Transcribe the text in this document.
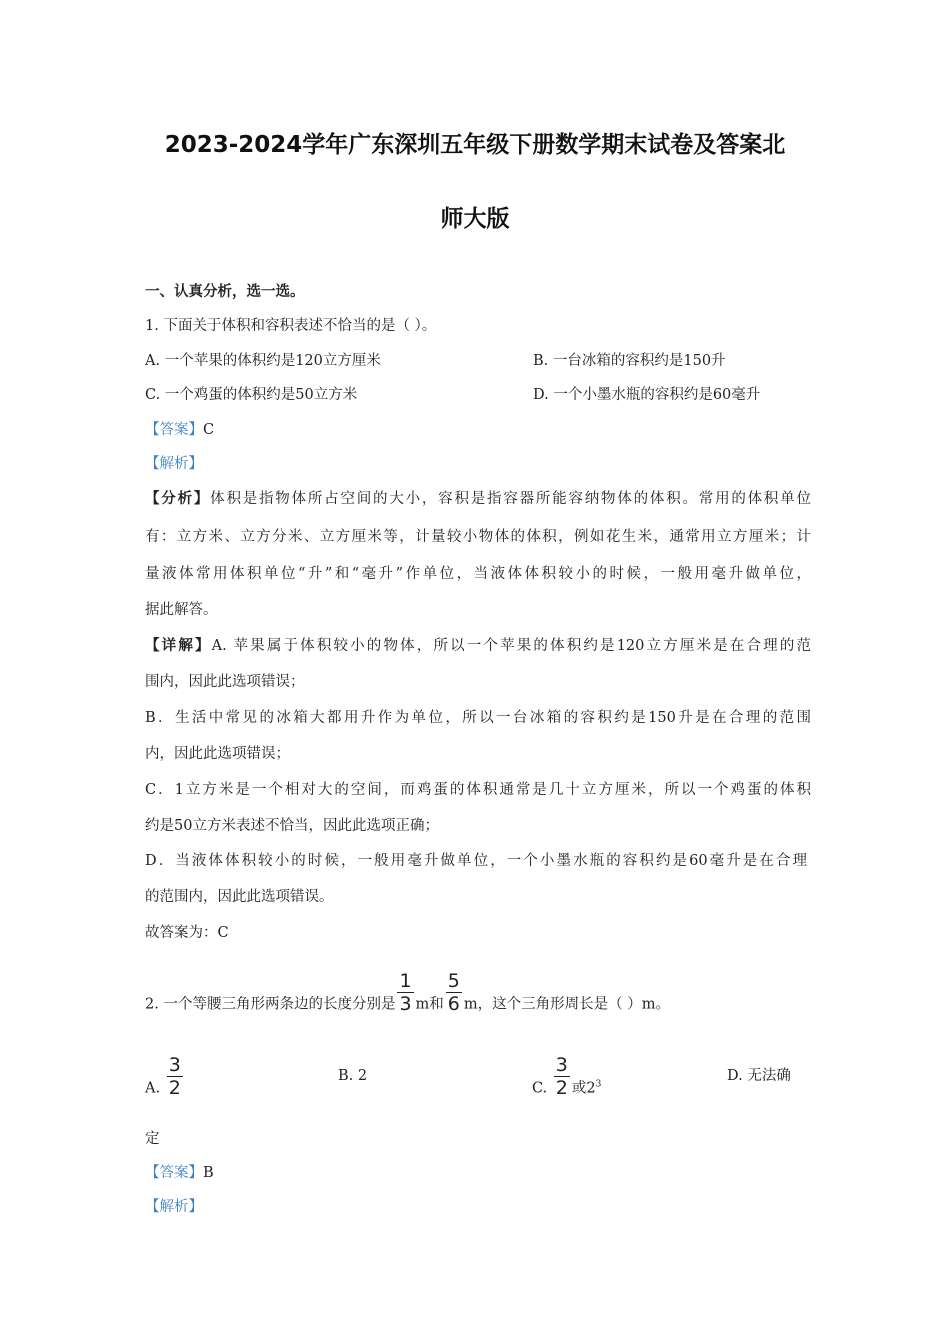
2023-2024学年广东深圳五年级下册数学期末试卷及答案北
师大版
一、认真分析，选一选。
1. 下面关于体积和容积表述不恰当的是（ ）。
A. 一个苹果的体积约是120立方厘米	B. 一台冰箱的容积约是150升
C. 一个鸡蛋的体积约是50立方米	D. 一个小墨水瓶的容积约是60毫升
【答案】C
【解析】
【分析】体积是指物体所占空间的大小，容积是指容器所能容纳物体的体积。常用的体积单位
有：立方米、立方分米、立方厘米等，计量较小物体的体积，例如花生米，通常用立方厘米；计
量液体常用体积单位“升”和“毫升”作单位，当液体体积较小的时候，一般用毫升做单位，
据此解答。
【详解】A. 苹果属于体积较小的物体，所以一个苹果的体积约是120立方厘米是在合理的范
围内，因此此选项错误；
B．生活中常见的冰箱大都用升作为单位，所以一台冰箱的容积约是150升是在合理的范围
内，因此此选项错误；
C．1立方米是一个相对大的空间，而鸡蛋的体积通常是几十立方厘米，所以一个鸡蛋的体积
约是50立方米表述不恰当，因此此选项正确；
D．当液体体积较小的时候，一般用毫升做单位，一个小墨水瓶的容积约是60毫升是在合理
的范围内，因此此选项错误。
故答案为：C
2. 一个等腰三角形两条边的长度分别是 $\frac{1}{3}$ m和 $\frac{5}{6}$ m，这个三角形周长是（ ）m。
A. $\frac{3}{2}$	B. 2
C. $\frac{3}{2}$ 或$2^3$
D. 无法确
定
【答案】B
【解析】
